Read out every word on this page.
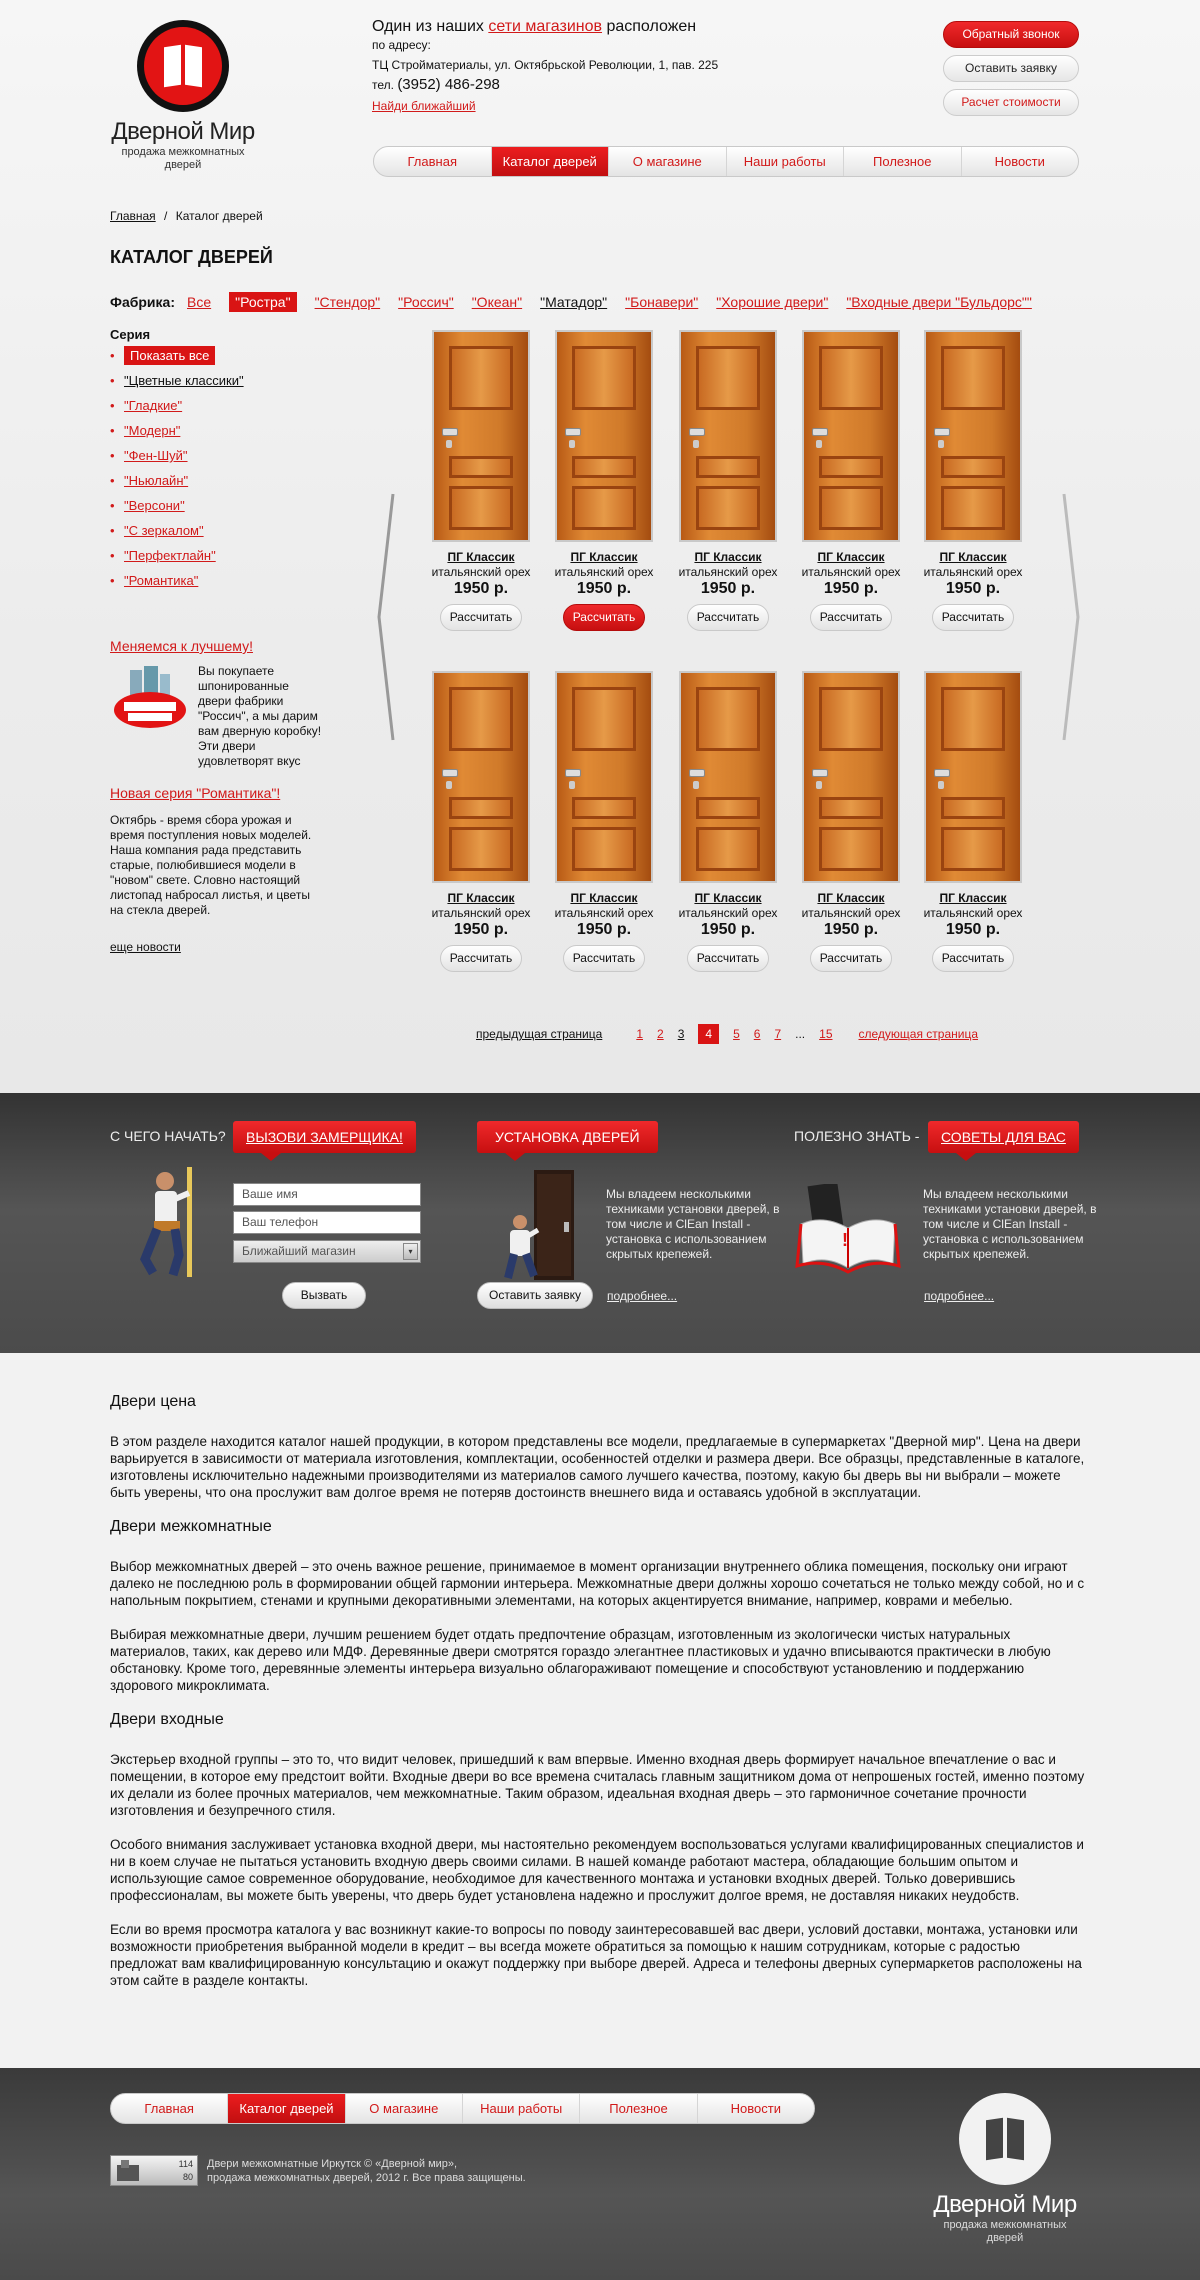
Дверной Мир
продажа межкомнатных дверей
Один из наших сети магазинов расположен
по адресу:
ТЦ Стройматериалы, ул. Октябрьской Революции, 1, пав. 225
тел. (3952) 486-298
Найди ближайший
Обратный звонок
Оставить заявку
Расчет стоимости
Главная	Каталог дверей	О магазине	Наши работы	Полезное	Новости
Главная / Каталог дверей
КАТАЛОГ ДВЕРЕЙ
Фабрика: Все	"Ростра"	"Стендор" "Россич" "Океан" "Матадор" "Бонавери" "Хорошие двери" "Входные двери "Бульдорс""
Серия
• Показать все
• "Цветные классики"
• "Гладкие"
• "Модерн"
• "Фен-Шуй"
• "Ньюлайн"
• "Версони"
• "С зеркалом"
• "Перфектлайн"
• "Романтика"
Меняемся к лучшему!

Вы покупаете шпонированные двери фабрики "Россич", а мы дарим вам дверную коробку! Эти двери удовлетворят вкус

Новая серия "Романтика"!

Октябрь - время сбора урожая и время поступления новых моделей. Наша компания рада представить старые, полюбившиеся модели в "новом" свете. Словно настоящий листопад набросал листья, и цветы на стекла дверей.

еще новости
ПГ Классик
итальянский орех
1950 р.
Рассчитать
ПГ Классик
итальянский орех
1950 р.
Рассчитать
ПГ Классик
итальянский орех
1950 р.
Рассчитать
ПГ Классик
итальянский орех
1950 р.
Рассчитать
ПГ Классик
итальянский орех
1950 р.
Рассчитать
ПГ Классик
итальянский орех
1950 р.
Рассчитать
ПГ Классик
итальянский орех
1950 р.
Рассчитать
ПГ Классик
итальянский орех
1950 р.
Рассчитать
ПГ Классик
итальянский орех
1950 р.
Рассчитать
ПГ Классик
итальянский орех
1950 р.
Рассчитать
предыдущая страница	1 2 3	4	5 6 7 ... 15 следующая страница
С ЧЕГО НАЧАТЬ?	ВЫЗОВИ ЗАМЕРЩИКА!
Ваше имя
Ваш телефон
Ближайший магазин	▾
Вызвать
УСТАНОВКА ДВЕРЕЙ
Мы владеем несколькими техниками установки дверей, в том числе и ClEan Install - установка с использованием скрытых крепежей.
Оставить заявку	подробнее...
ПОЛЕЗНО ЗНАТЬ -	СОВЕТЫ ДЛЯ ВАС
!
Мы владеем несколькими техниками установки дверей, в том числе и ClEan Install - установка с использованием скрытых крепежей.
подробнее...
Двери цена

В этом разделе находится каталог нашей продукции, в котором представлены все модели, предлагаемые в супермаркетах "Дверной мир". Цена на двери варьируется в зависимости от материала изготовления, комплектации, особенностей отделки и размера двери. Все образцы, представленные в каталоге, изготовлены исключительно надежными производителями из материалов самого лучшего качества, поэтому, какую бы дверь вы ни выбрали – можете быть уверены, что она прослужит вам долгое время не потеряв достоинств внешнего вида и оставаясь удобной в эксплуатации.

Двери межкомнатные

Выбор межкомнатных дверей – это очень важное решение, принимаемое в момент организации внутреннего облика помещения, поскольку они играют далеко не последнюю роль в формировании общей гармонии интерьера. Межкомнатные двери должны хорошо сочетаться не только между собой, но и с напольным покрытием, стенами и крупными декоративными элементами, на которых акцентируется внимание, например, коврами и мебелью.

Выбирая межкомнатные двери, лучшим решением будет отдать предпочтение образцам, изготовленным из экологически чистых натуральных материалов, таких, как дерево или МДФ. Деревянные двери смотрятся гораздо элегантнее пластиковых и удачно вписываются практически в любую обстановку. Кроме того, деревянные элементы интерьера визуально облагораживают помещение и способствуют установлению и поддержанию здорового микроклимата.

Двери входные

Экстерьер входной группы – это то, что видит человек, пришедший к вам впервые. Именно входная дверь формирует начальное впечатление о вас и помещении, в которое ему предстоит войти. Входные двери во все времена считалась главным защитником дома от непрошеных гостей, именно поэтому их делали из более прочных материалов, чем межкомнатные. Таким образом, идеальная входная дверь – это гармоничное сочетание прочности изготовления и безупречного стиля.

Особого внимания заслуживает установка входной двери, мы настоятельно рекомендуем воспользоваться услугами квалифицированных специалистов и ни в коем случае не пытаться установить входную дверь своими силами. В нашей команде работают мастера, обладающие большим опытом и использующие самое современное оборудование, необходимое для качественного монтажа и установки входных дверей. Только доверившись профессионалам, вы можете быть уверены, что дверь будет установлена надежно и прослужит долгое время, не доставляя никаких неудобств.

Если во время просмотра каталога у вас возникнут какие-то вопросы по поводу заинтересовавшей вас двери, условий доставки, монтажа, установки или возможности приобретения выбранной модели в кредит – вы всегда можете обратиться за помощью к нашим сотрудникам, которые с радостью предложат вам квалифицированную консультацию и окажут поддержку при выборе дверей. Адреса и телефоны дверных супермаркетов расположены на этом сайте в разделе контакты.

Главная	Каталог дверей	О магазине	Наши работы	Полезное	Новости
114
80
Двери межкомнатные Иркутск © «Дверной мир»,
продажа межкомнатных дверей, 2012 г. Все права защищены.
Дверной Мир
продажа межкомнатных дверей
